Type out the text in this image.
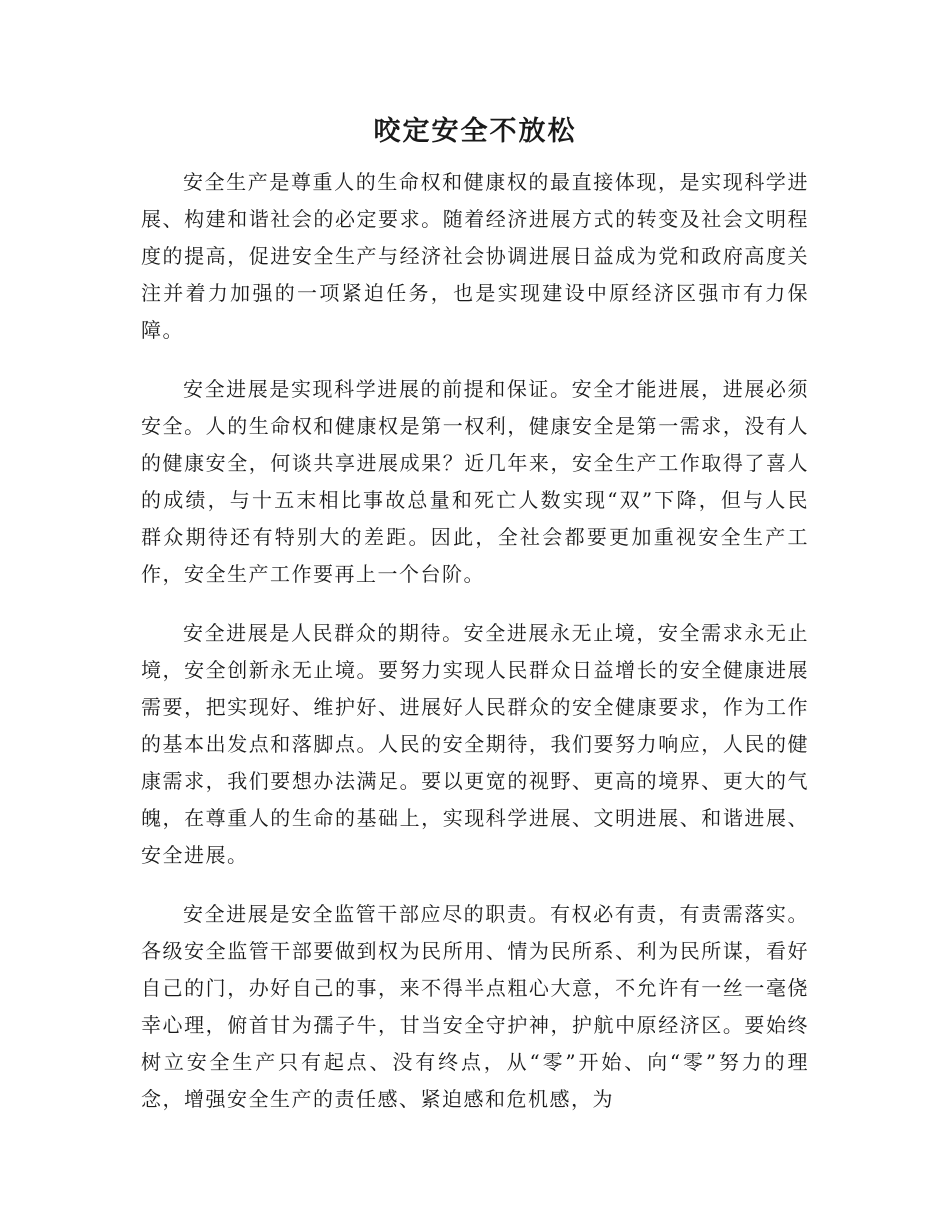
咬定安全不放松

安全生产是尊重人的生命权和健康权的最直接体现，是实现科学进展、构建和谐社会的必定要求。随着经济进展方式的转变及社会文明程度的提高，促进安全生产与经济社会协调进展日益成为党和政府高度关注并着力加强的一项紧迫任务，也是实现建设中原经济区强市有力保障。

安全进展是实现科学进展的前提和保证。安全才能进展，进展必须安全。人的生命权和健康权是第一权利，健康安全是第一需求，没有人的健康安全，何谈共享进展成果？近几年来，安全生产工作取得了喜人的成绩，与十五末相比事故总量和死亡人数实现“双”下降，但与人民群众期待还有特别大的差距。因此，全社会都要更加重视安全生产工作，安全生产工作要再上一个台阶。

安全进展是人民群众的期待。安全进展永无止境，安全需求永无止境，安全创新永无止境。要努力实现人民群众日益增长的安全健康进展需要，把实现好、维护好、进展好人民群众的安全健康要求，作为工作的基本出发点和落脚点。人民的安全期待，我们要努力响应，人民的健康需求，我们要想办法满足。要以更宽的视野、更高的境界、更大的气魄，在尊重人的生命的基础上，实现科学进展、文明进展、和谐进展、安全进展。

安全进展是安全监管干部应尽的职责。有权必有责，有责需落实。各级安全监管干部要做到权为民所用、情为民所系、利为民所谋，看好自己的门，办好自己的事，来不得半点粗心大意，不允许有一丝一毫侥幸心理，俯首甘为孺子牛，甘当安全守护神，护航中原经济区。要始终树立安全生产只有起点、没有终点，从“零”开始、向“零”努力的理念，增强安全生产的责任感、紧迫感和危机感，为
